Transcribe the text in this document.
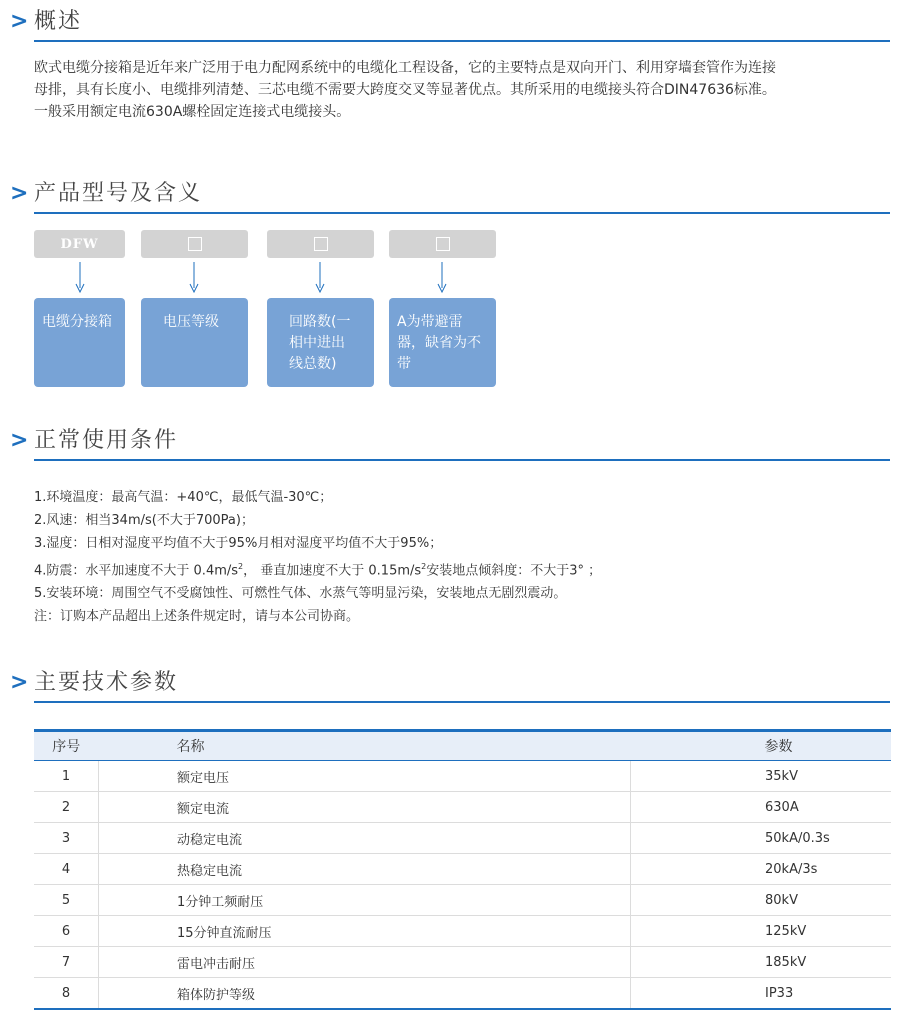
> 概述
欧式电缆分接箱是近年来广泛用于电力配网系统中的电缆化工程设备，它的主要特点是双向开门、利用穿墙套管作为连接
母排，具有长度小、电缆排列清楚、三芯电缆不需要大跨度交叉等显著优点。其所采用的电缆接头符合DIN47636标准。
一般采用额定电流630A螺栓固定连接式电缆接头。
> 产品型号及含义
DFW
电缆分接箱	电压等级	回路数(一相中进出线总数)
A为带避雷器，缺省为不带
> 正常使用条件
1.环境温度：最高气温：+40℃，最低气温-30℃；
2.风速：相当34m/s(不大于700Pa)；
3.湿度：日相对湿度平均值不大于95%月相对湿度平均值不大于95%；
4.防震：水平加速度不大于 $0.4m/s^2$， 垂直加速度不大于 $0.15m/s^2$安装地点倾斜度：不大于3° ；
5.安装环境：周围空气不受腐蚀性、可燃性气体、水蒸气等明显污染，安装地点无剧烈震动。
注：订购本产品超出上述条件规定时，请与本公司协商。
> 主要技术参数
序号	名称	参数
1	额定电压	35kV
2	额定电流	630A
3	动稳定电流	50kA/0.3s
4	热稳定电流	20kA/3s
5	1分钟工频耐压	80kV
6	15分钟直流耐压	125kV
7	雷电冲击耐压	185kV
8	箱体防护等级	IP33
